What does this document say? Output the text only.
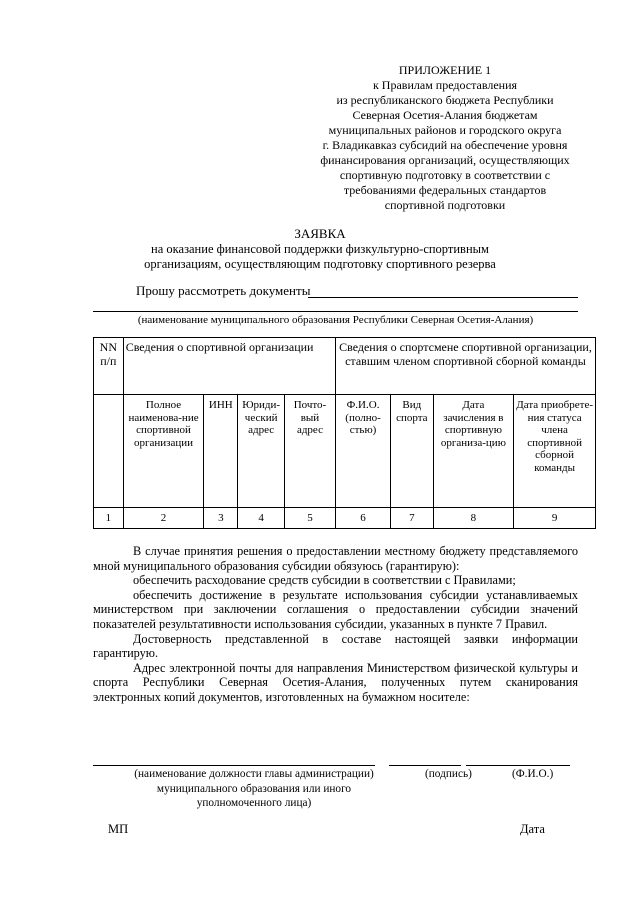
ПРИЛОЖЕНИЕ 1
к Правилам предоставления
из республиканского бюджета Республики
Северная Осетия-Алания бюджетам
муниципальных районов и городского округа
г. Владикавказ субсидий на обеспечение уровня
финансирования организаций, осуществляющих
спортивную подготовку в соответствии с
требованиями федеральных стандартов
спортивной подготовки
ЗАЯВКА
на оказание финансовой поддержки физкультурно-спортивным
организациям, осуществляющим подготовку спортивного резерва
Прошу рассмотреть документы
(наименование муниципального образования Республики Северная Осетия-Алания)
NN п/п	Сведения о спортивной организации				Сведения о спортсмене спортивной организации, ставшим членом спортивной сборной команды			
	Полное наименова-ние спортивной организации	ИНН	Юриди-ческий адрес	Почто-вый адрес	Ф.И.О. (полно-стью)	Вид спорта	Дата зачисления в спортивную организа-цию	Дата приобрете-ния статуса члена спортивной сборной команды
1	2	3	4	5	6	7	8	9

В случае принятия решения о предоставлении местному бюджету представляемого мной муниципального образования субсидии обязуюсь (гарантирую):

обеспечить расходование средств субсидии в соответствии с Правилами;

обеспечить достижение в результате использования субсидии устанавливаемых министерством при заключении соглашения о предоставлении субсидии значений показателей результативности использования субсидии, указанных в пункте 7 Правил.

Достоверность представленной в составе настоящей заявки информации гарантирую.

Адрес электронной почты для направления Министерством физической культуры и спорта Республики Северная Осетия-Алания, полученных путем сканирования электронных копий документов, изготовленных на бумажном носителе:

(наименование должности главы администрации)
муниципального образования или иного
уполномоченного лица)
(подпись)	(Ф.И.О.)
МП	Дата
